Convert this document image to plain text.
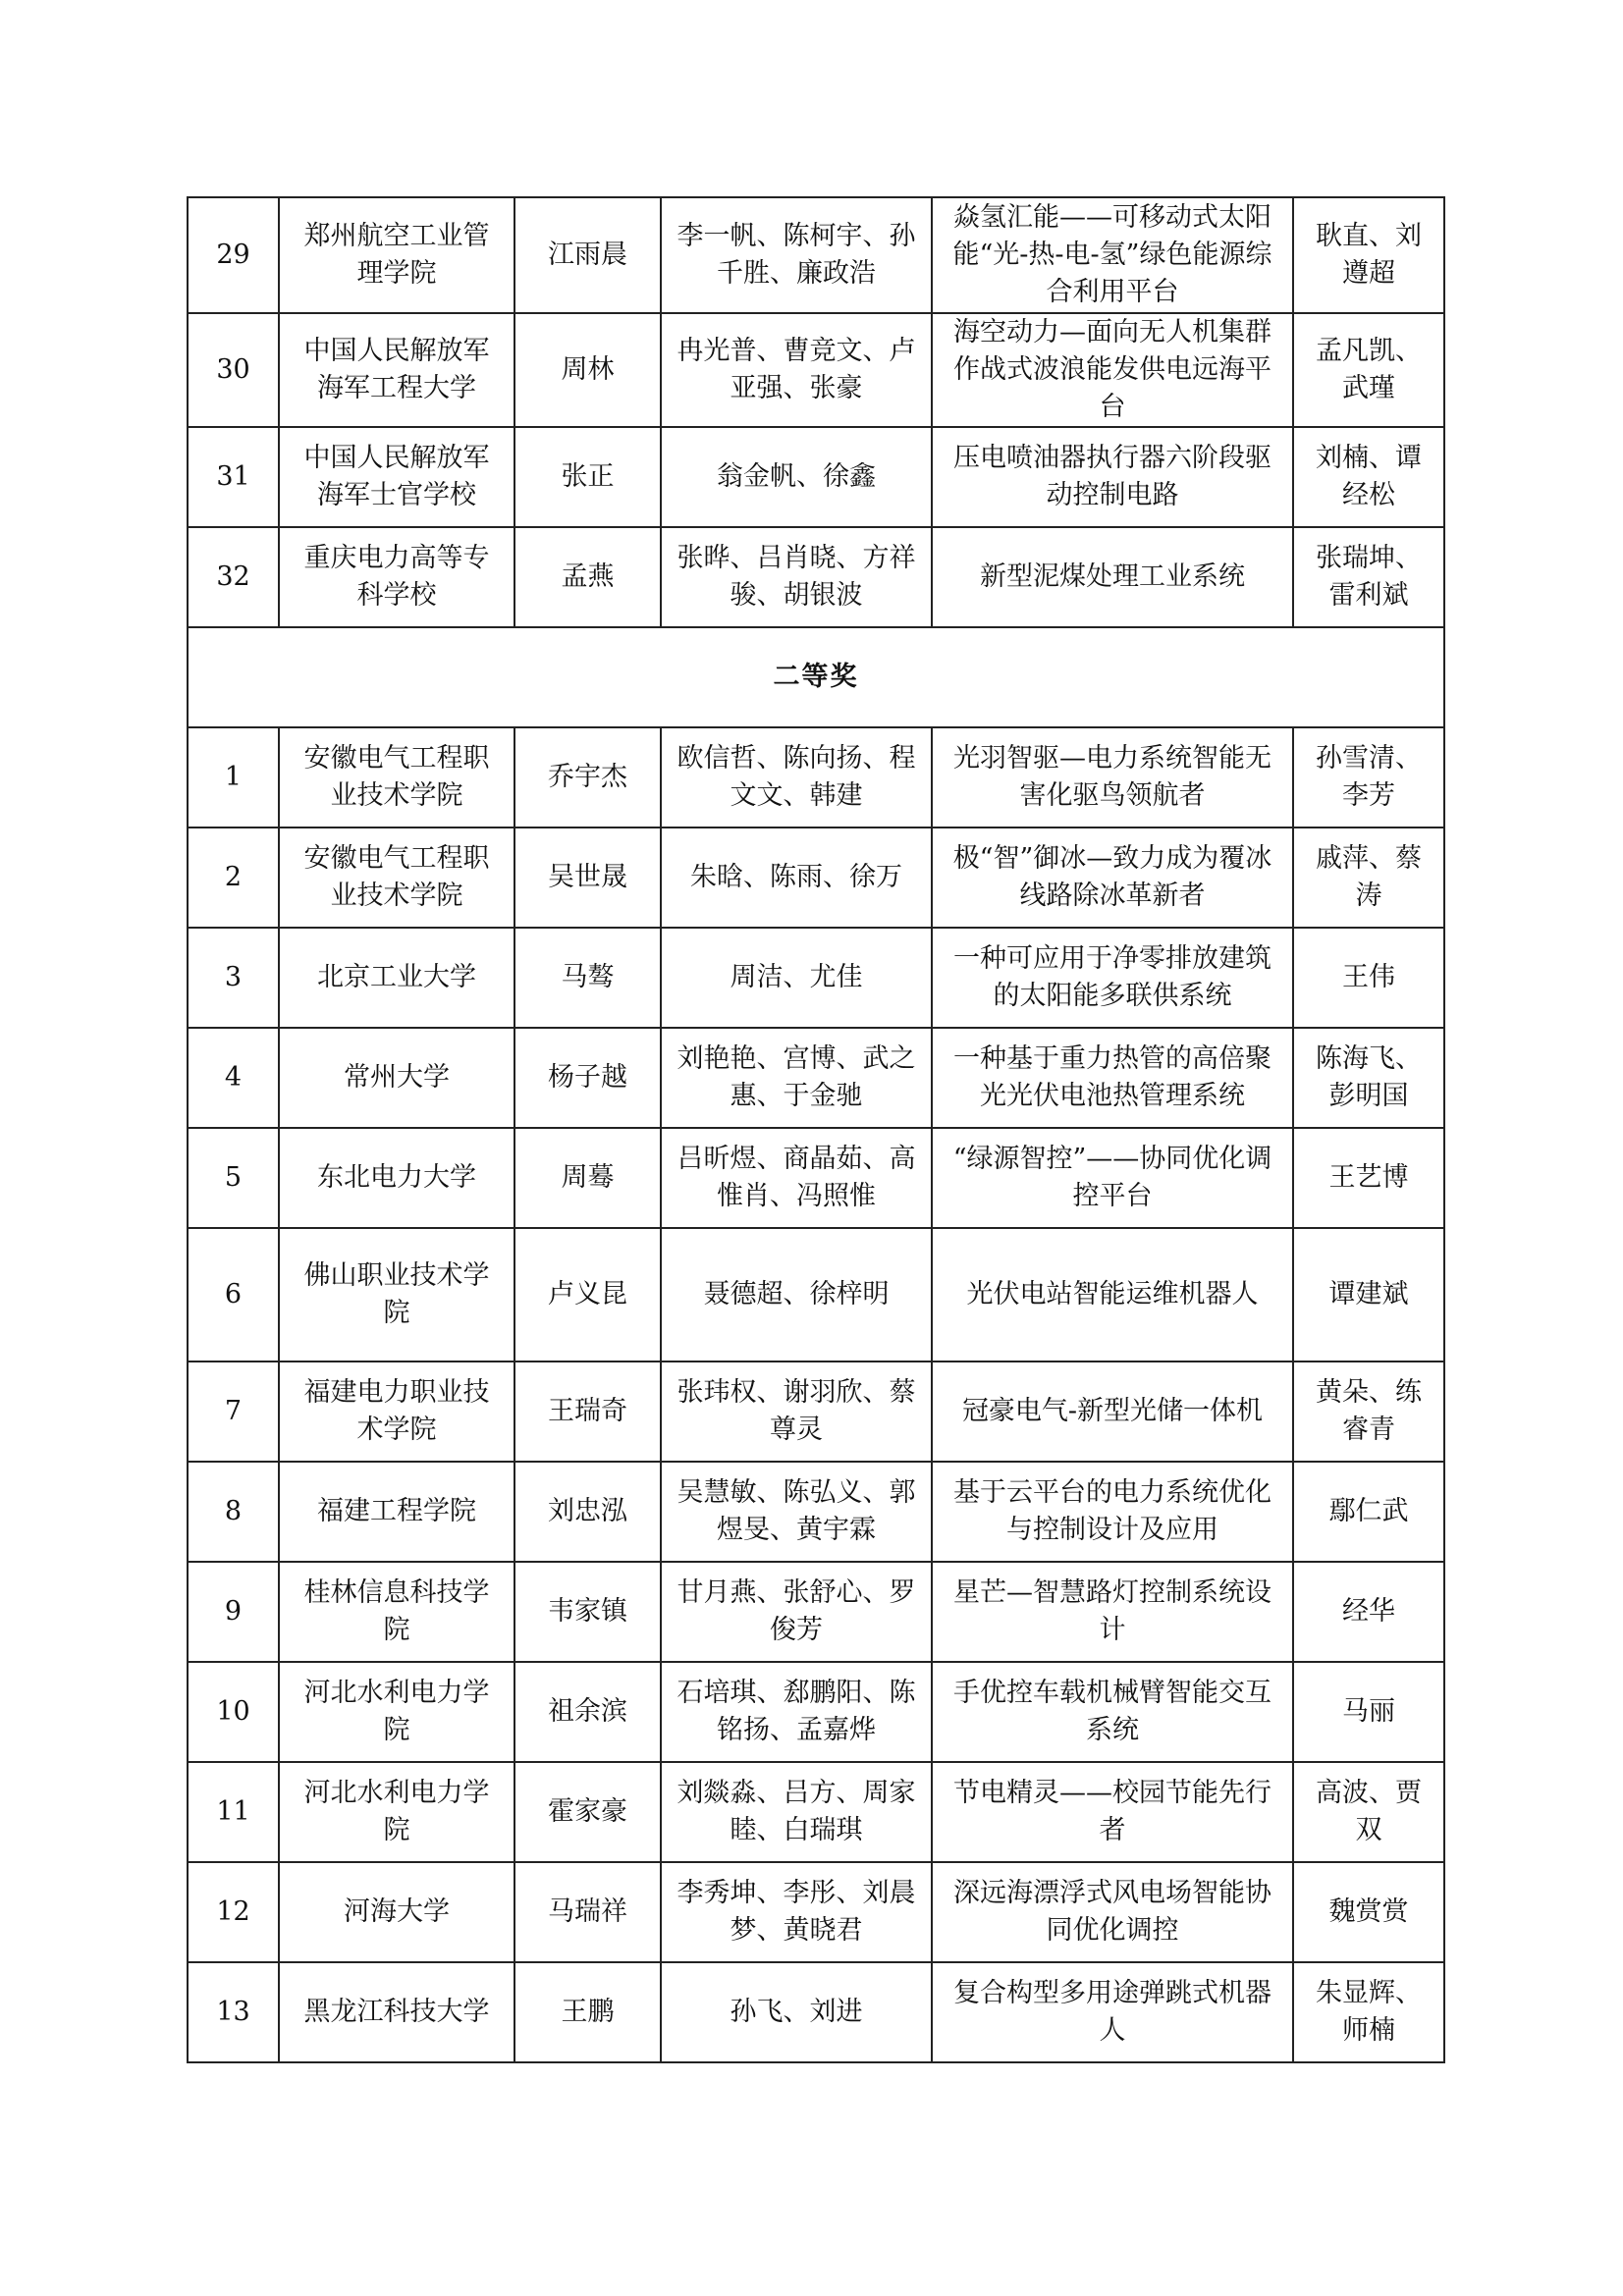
29	郑州航空工业管理学院	江雨晨	李一帆、陈柯宇、孙千胜、廉政浩	焱氢汇能——可移动式太阳能“光-热-电-氢”绿色能源综合利用平台	耿直、刘遵超
30	中国人民解放军海军工程大学	周林	冉光普、曹竞文、卢亚强、张豪	海空动力—面向无人机集群作战式波浪能发供电远海平台	孟凡凯、武瑾
31	中国人民解放军海军士官学校	张正	翁金帆、徐鑫	压电喷油器执行器六阶段驱动控制电路	刘楠、谭经松
32	重庆电力高等专科学校	孟燕	张晔、吕肖晓、方祥骏、胡银波	新型泥煤处理工业系统	张瑞坤、雷利斌
二等奖					
1	安徽电气工程职业技术学院	乔宇杰	欧信哲、陈向扬、程文文、韩建	光羽智驱—电力系统智能无害化驱鸟领航者	孙雪清、李芳
2	安徽电气工程职业技术学院	吴世晟	朱晗、陈雨、徐万	极“智”御冰—致力成为覆冰线路除冰革新者	戚萍、蔡涛
3	北京工业大学	马骜	周洁、尤佳	一种可应用于净零排放建筑的太阳能多联供系统	王伟
4	常州大学	杨子越	刘艳艳、宫博、武之惠、于金驰	一种基于重力热管的高倍聚光光伏电池热管理系统	陈海飞、彭明国
5	东北电力大学	周蓦	吕昕煜、商晶茹、高惟肖、冯照惟	“绿源智控”——协同优化调控平台	王艺博
6	佛山职业技术学院	卢义昆	聂德超、徐梓明	光伏电站智能运维机器人	谭建斌
7	福建电力职业技术学院	王瑞奇	张玮权、谢羽欣、蔡尊灵	冠豪电气-新型光储一体机	黄朵、练睿青
8	福建工程学院	刘忠泓	吴慧敏、陈弘义、郭煜旻、黄宇霖	基于云平台的电力系统优化与控制设计及应用	鄢仁武
9	桂林信息科技学院	韦家镇	甘月燕、张舒心、罗俊芳	星芒—智慧路灯控制系统设计	经华
10	河北水利电力学院	祖余滨	石培琪、郄鹏阳、陈铭扬、孟嘉烨	手优控车载机械臂智能交互系统	马丽
11	河北水利电力学院	霍家豪	刘燚淼、吕方、周家睦、白瑞琪	节电精灵——校园节能先行者	高波、贾双
12	河海大学	马瑞祥	李秀坤、李彤、刘晨梦、黄晓君	深远海漂浮式风电场智能协同优化调控	魏赏赏
13	黑龙江科技大学	王鹏	孙飞、刘进	复合构型多用途弹跳式机器人	朱显辉、师楠
